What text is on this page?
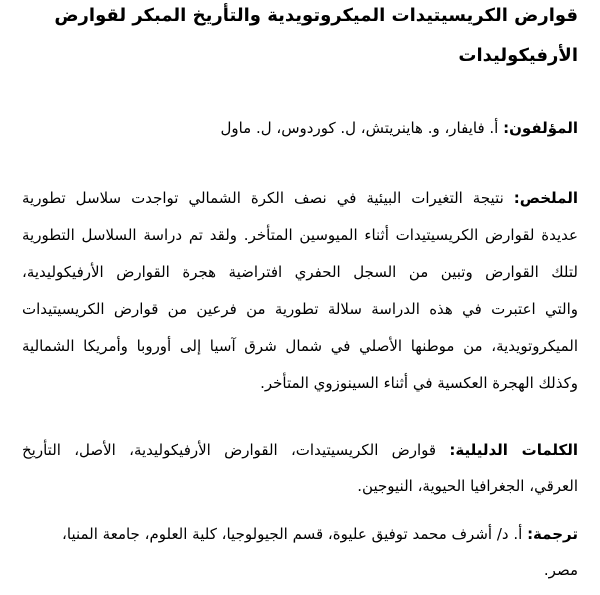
قوارض الكريسيتيدات الميكروتويدية والتأريخ المبكر لقوارض
الأرفيكوليدات
المؤلفون: أ. فايفار، و. هاينريتش، ل. كوردوس، ل. ماول
الملخص: نتيجة التغيرات البيئية في نصف الكرة الشمالي تواجدت سلاسل تطورية
عديدة لقوارض الكريسيتيدات أثناء الميوسين المتأخر. ولقد تم دراسة السلاسل التطورية
لتلك القوارض وتبين من السجل الحفري افتراضية هجرة القوارض الأرفيكوليدية،
والتي اعتبرت في هذه الدراسة سلالة تطورية من فرعين من قوارض الكريسيتيدات
الميكروتويدية، من موطنها الأصلي في شمال شرق آسيا إلى أوروبا وأمريكا الشمالية
وكذلك الهجرة العكسية في أثناء السينوزوي المتأخر.
الكلمات الدليلية: قوارض الكريسيتيدات، القوارض الأرفيكوليدية، الأصل، التأريخ
العرقي، الجغرافيا الحيوية، النيوجين.
ترجمة: أ. د/ أشرف محمد توفيق عليوة، قسم الجيولوجيا، كلية العلوم، جامعة المنيا،
مصر.
